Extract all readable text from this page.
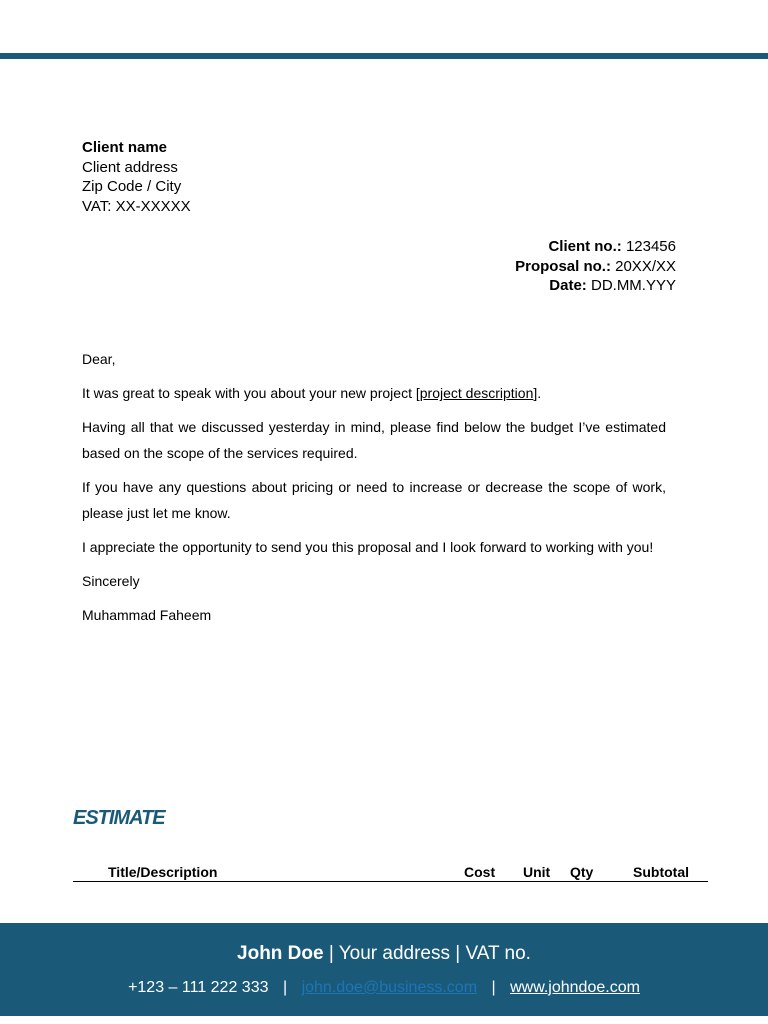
Client name
Client address
Zip Code / City
VAT: XX-XXXXX
Client no.: 123456
Proposal no.: 20XX/XX
Date: DD.MM.YYY

Dear,

It was great to speak with you about your new project [project description].

Having all that we discussed yesterday in mind, please find below the budget I’ve estimated based on the scope of the services required.

If you have any questions about pricing or need to increase or decrease the scope of work, please just let me know.

I appreciate the opportunity to send you this proposal and I look forward to working with you!

Sincerely

Muhammad Faheem

ESTIMATE
Title/Description	Cost Unit Qty	Subtotal
John Doe | Your address | VAT no.
+123 – 111 222 333 | john.doe@business.com | www.johndoe.com
